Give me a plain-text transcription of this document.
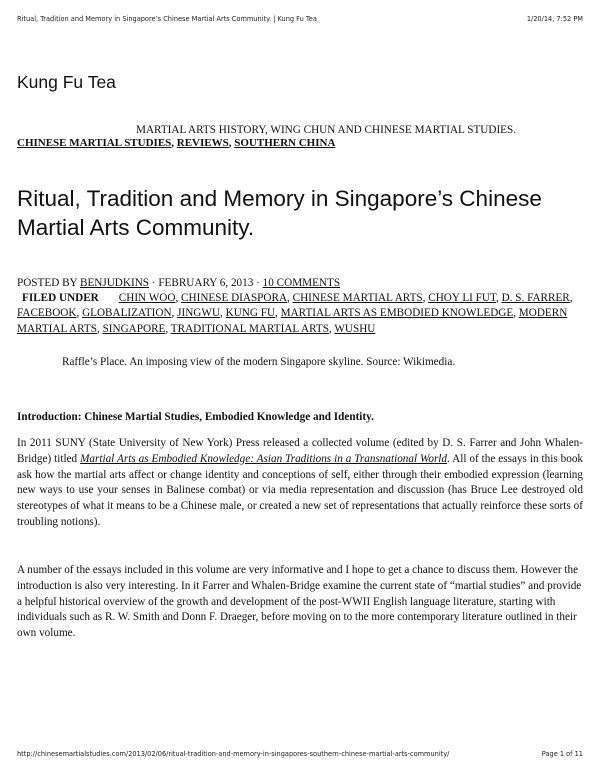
Ritual, Tradition and Memory in Singapore’s Chinese Martial Arts Community. | Kung Fu Tea	1/20/14, 7:52 PM
Kung Fu Tea
MARTIAL ARTS HISTORY, WING CHUN AND CHINESE MARTIAL STUDIES.
CHINESE MARTIAL STUDIES, REVIEWS, SOUTHERN CHINA
Ritual, Tradition and Memory in Singapore’s Chinese Martial Arts Community.
POSTED BY BENJUDKINS · FEBRUARY 6, 2013 · 10 COMMENTS
FILED UNDER CHIN WOO, CHINESE DIASPORA, CHINESE MARTIAL ARTS, CHOY LI FUT, D. S. FARRER, FACEBOOK, GLOBALIZATION, JINGWU, KUNG FU, MARTIAL ARTS AS EMBODIED KNOWLEDGE, MODERN MARTIAL ARTS, SINGAPORE, TRADITIONAL MARTIAL ARTS, WUSHU
Raffle’s Place. An imposing view of the modern Singapore skyline. Source: Wikimedia.
Introduction: Chinese Martial Studies, Embodied Knowledge and Identity.

In 2011 SUNY (State University of New York) Press released a collected volume (edited by D. S. Farrer and John Whalen-Bridge) titled Martial Arts as Embodied Knowledge: Asian Traditions in a Transnational World. All of the essays in this book ask how the martial arts affect or change identity and conceptions of self, either through their embodied expression (learning new ways to use your senses in Balinese combat) or via media representation and discussion (has Bruce Lee destroyed old stereotypes of what it means to be a Chinese male, or created a new set of representations that actually reinforce these sorts of troubling notions).

A number of the essays included in this volume are very informative and I hope to get a chance to discuss them. However the introduction is also very interesting. In it Farrer and Whalen-Bridge examine the current state of “martial studies” and provide a helpful historical overview of the growth and development of the post-WWII English language literature, starting with individuals such as R. W. Smith and Donn F. Draeger, before moving on to the more contemporary literature outlined in their own volume.

http://chinesemartialstudies.com/2013/02/06/ritual-tradition-and-memory-in-singapores-southern-chinese-martial-arts-community/	Page 1 of 11
